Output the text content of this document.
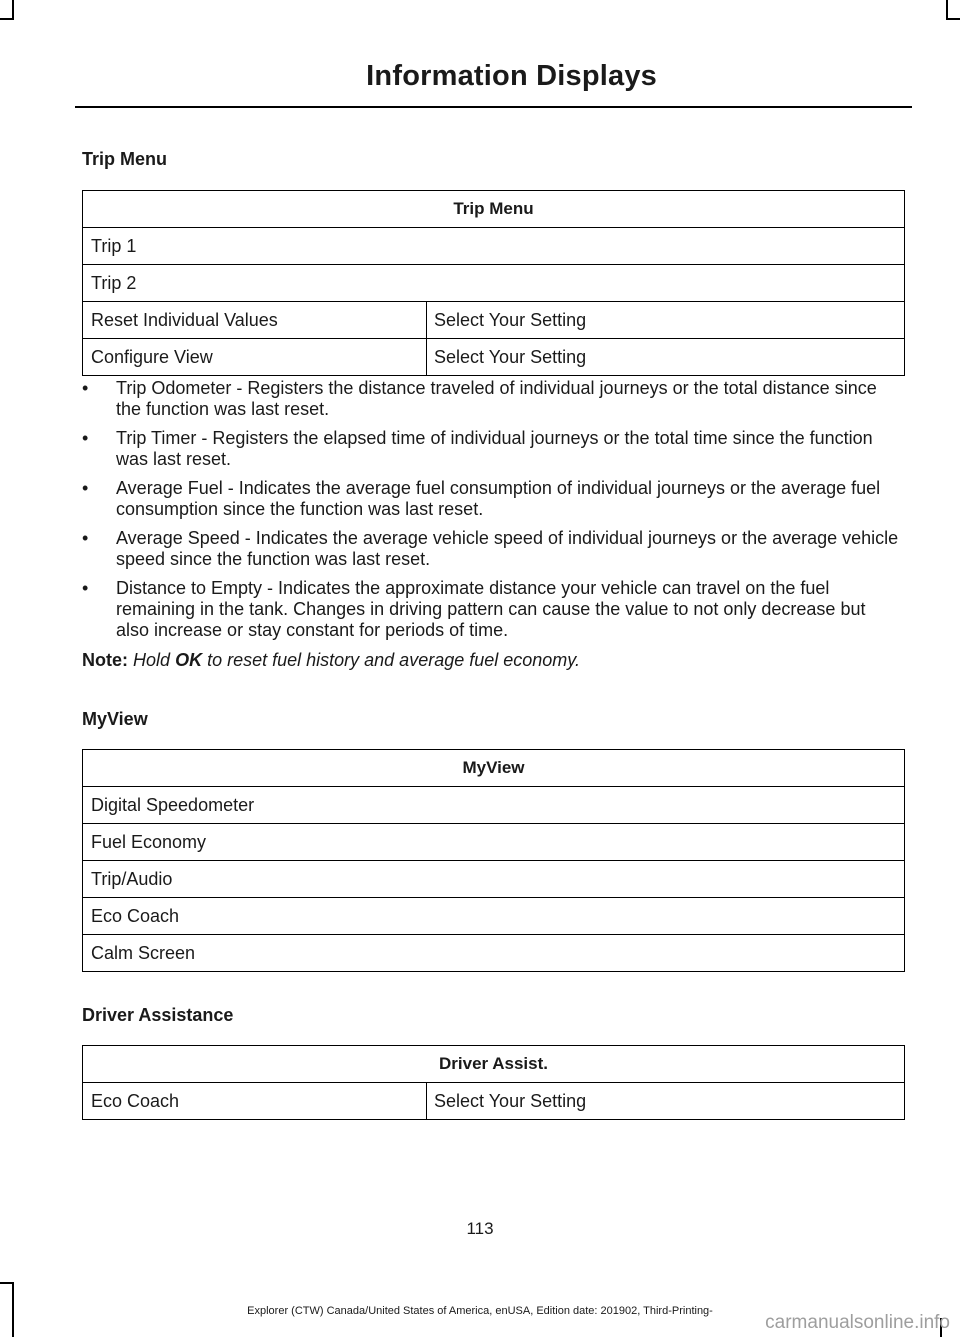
Information Displays
Trip Menu
Trip Menu	
Trip 1	
Trip 2	
Reset Individual Values	Select Your Setting
Configure View	Select Your Setting
• Trip Odometer - Registers the distance traveled of individual journeys or the total distance since the function was last reset.
• Trip Timer - Registers the elapsed time of individual journeys or the total time since the function was last reset.
• Average Fuel - Indicates the average fuel consumption of individual journeys or the average fuel consumption since the function was last reset.
• Average Speed - Indicates the average vehicle speed of individual journeys or the average vehicle speed since the function was last reset.
• Distance to Empty - Indicates the approximate distance your vehicle can travel on the fuel remaining in the tank. Changes in driving pattern can cause the value to not only decrease but also increase or stay constant for periods of time.
Note: Hold OK to reset fuel history and average fuel economy.
MyView
MyView
Digital Speedometer
Fuel Economy
Trip/Audio
Eco Coach
Calm Screen
Driver Assistance
Driver Assist.
Eco Coach	Select Your Setting
113
Explorer (CTW) Canada/United States of America, enUSA, Edition date: 201902, Third-Printing-
carmanualsonline.info
